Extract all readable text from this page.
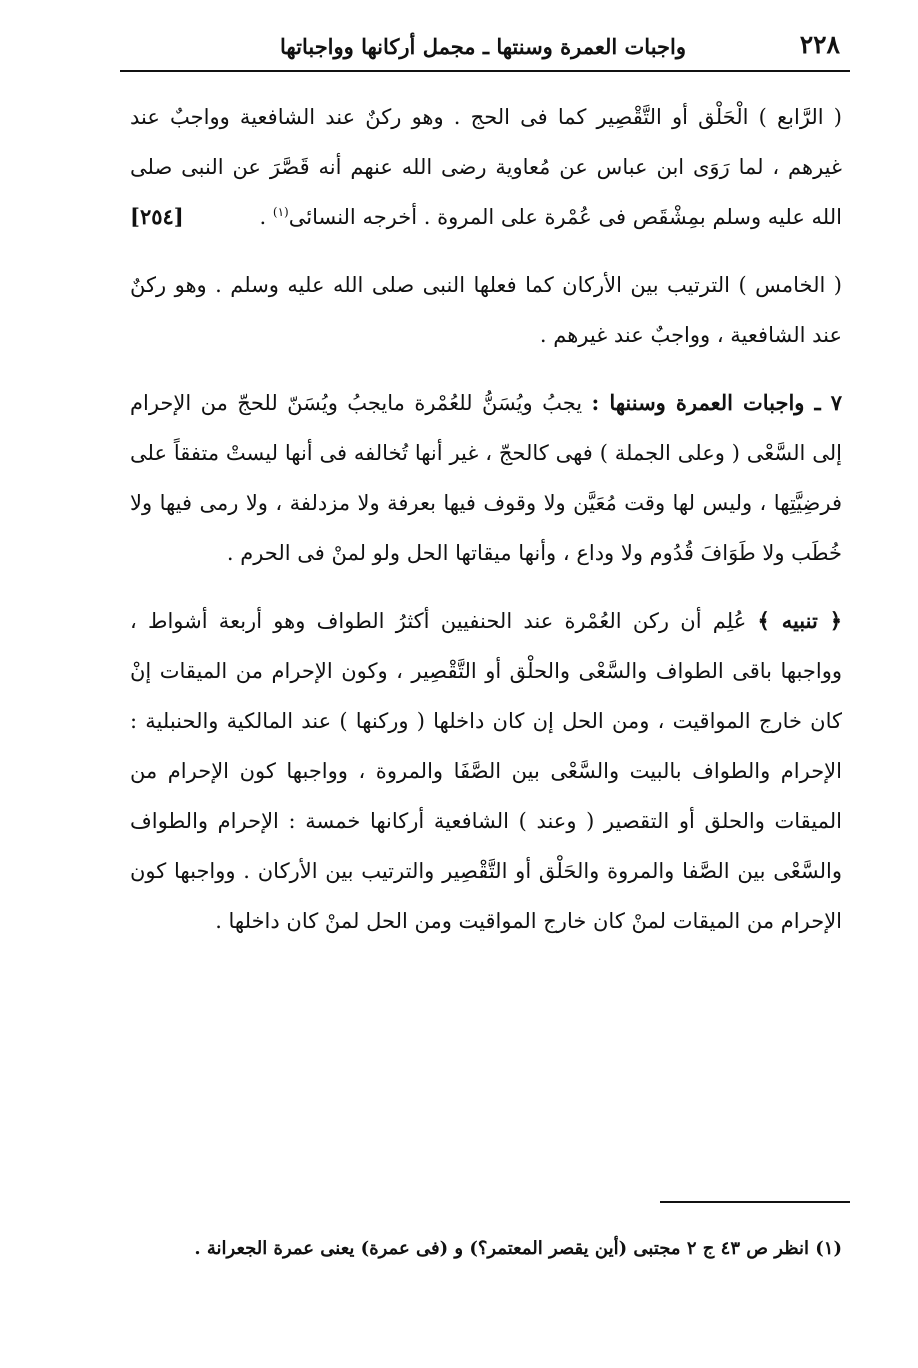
٢٢٨
واجبات العمرة وسنتها ـ مجمل أركانها وواجباتها

( الرَّابع ) الْحَلْق أو التَّقْصِير كما فى الحج . وهو ركنٌ عند الشافعية وواجبٌ عند غيرهم ، لما رَوَى ابن عباس عن مُعاوية رضى الله عنهم أنه قَصَّرَ عن النبى صلى الله عليه وسلم بمِشْقَص فى عُمْرة على المروة . أخرجه النسائى$^{(١)}$ .
[٢٥٤]

( الخامس ) الترتيب بين الأركان كما فعلها النبى صلى الله عليه وسلم . وهو ركنٌ عند الشافعية ، وواجبٌ عند غيرهم .

٧ ـ واجبات العمرة وسننها : يجبُ ويُسَنُّ للعُمْرة مايجبُ ويُسَنّ للحجّ من الإحرام إلى السَّعْى ( وعلى الجملة ) فهى كالحجّ ، غير أنها تُخالفه فى أنها ليستْ متفقاً على فرضِيَّتِها ، وليس لها وقت مُعَيَّن ولا وقوف فيها بعرفة ولا مزدلفة ، ولا رمى فيها ولا خُطَب ولا طَوَافَ قُدُوم ولا وداع ، وأنها ميقاتها الحل ولو لمنْ فى الحرم .

﴿ تنبيه ﴾ عُلِم أن ركن العُمْرة عند الحنفيين أكثرُ الطواف وهو أربعة أشواط ، وواجبها باقى الطواف والسَّعْى والحلْق أو التَّقْصِير ، وكون الإحرام من الميقات إنْ كان خارج المواقيت ، ومن الحل إن كان داخلها ( وركنها ) عند المالكية والحنبلية : الإحرام والطواف بالبيت والسَّعْى بين الصَّفَا والمروة ، وواجبها كون الإحرام من الميقات والحلق أو التقصير ( وعند ) الشافعية أركانها خمسة : الإحرام والطواف والسَّعْى بين الصَّفا والمروة والحَلْق أو التَّقْصِير والترتيب بين الأركان . وواجبها كون الإحرام من الميقات لمنْ كان خارج المواقيت ومن الحل لمنْ كان داخلها .

(١) انظر ص ٤٣ ج ٢ مجتبى (أين يقصر المعتمر؟) و (فى عمرة) يعنى عمرة الجعرانة .
